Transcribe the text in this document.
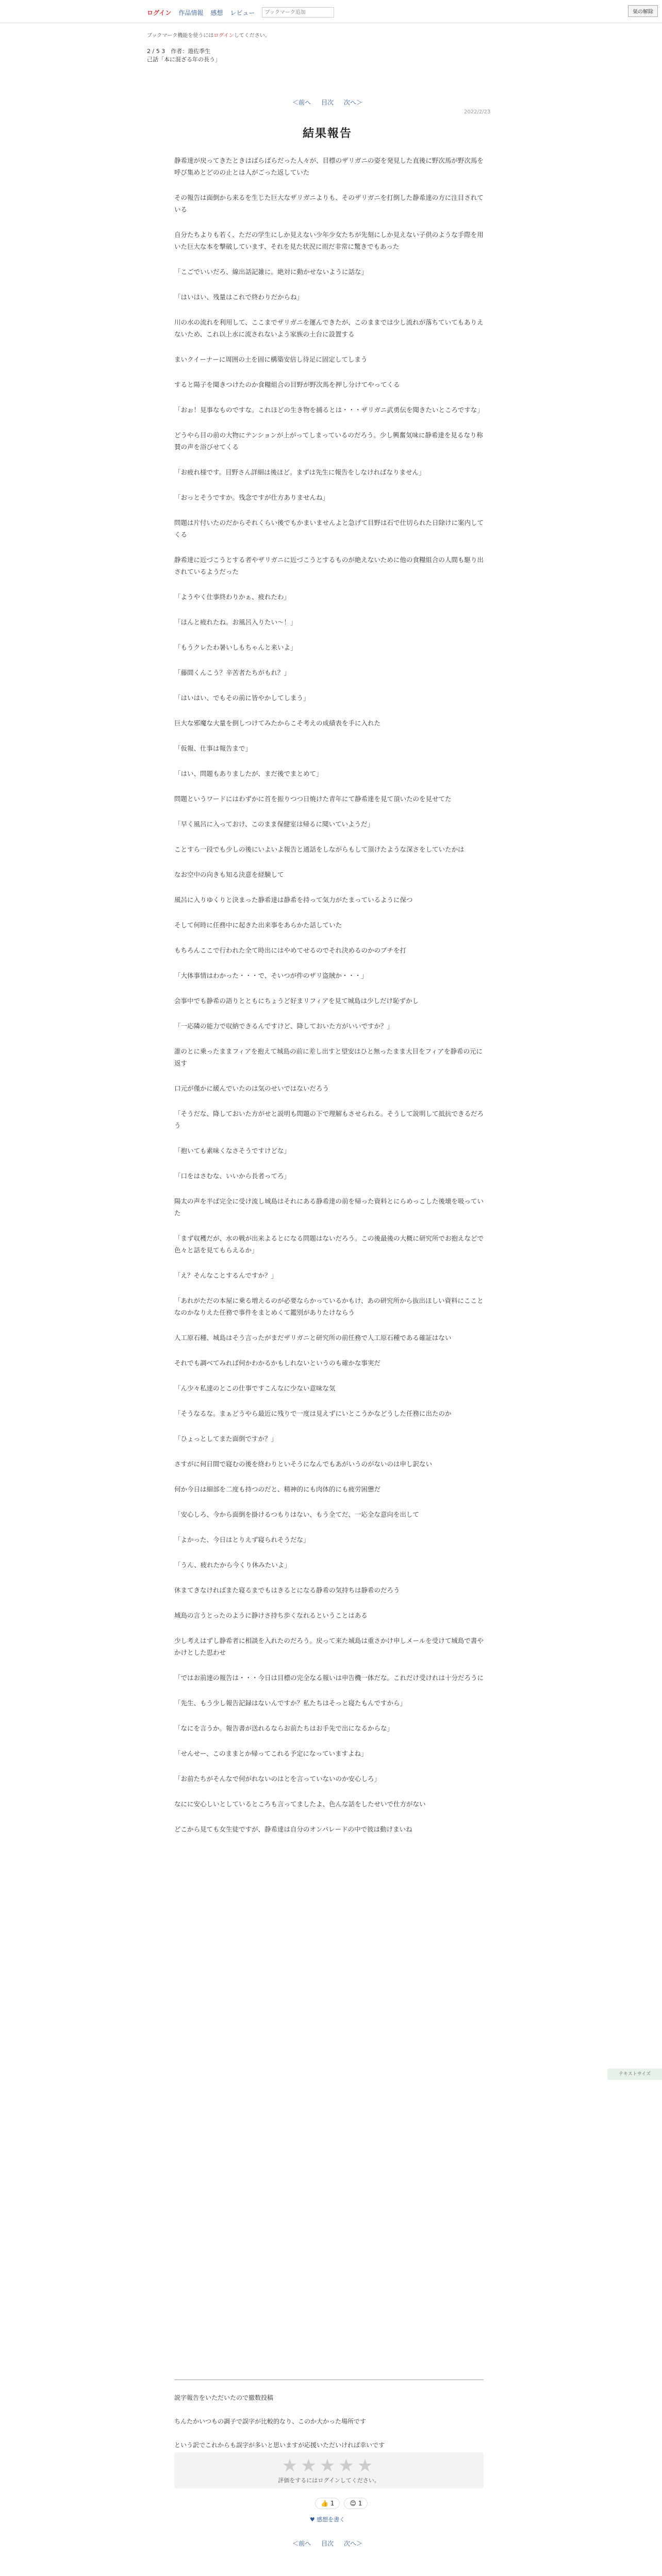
ログイン 作品情報 感想 レビュー
ブックマーク追加	栞の解除
ブックマーク機能を使うにはログインしてください。
2 / 5 3　作者：遊佐季生
己話「本に混ざる年の長う」
＜前へ 目次 次へ＞
2022/2/23
結果報告

静希達が戻ってきたときはばらばらだった人々が、目標のザリガニの姿を発見した直後に野次馬が野次馬を呼び集めとどのの止とは人がごった返していた

その報告は面倒から来るを生じた巨大なザリガニよりも、そのザリガニを打倒した静希達の方に注目されている

自分たちよりも若く、ただの学生にしか見えない少年少女たちが先刻にしか見えない子供のような手際を用いた巨大な本を撃破しています、それを見た状況に雨だ非常に驚きでもあった

「こごでいいだろ、線出話記雑に。絶対に動かせないように話な」

「はいはい、残量はこれで終わりだからね」

川の水の流れを利用して、ここまでザリガニを運んできたが、このままでは少し流れが落ちていてもありえないため、これ以上水に流されないよう家族の土台に設置する

まいクイーナーに周囲の土を固に構築安倍し待足に固定してしまう

すると陽子を聞きつけたのか食糧組合の目野が野次馬を押し分けてやってくる

「おぉ！見事なものですな。これほどの生き物を捕るとは・・・ザリガニ武勇伝を聞きたいところですな」

どうやら目の前の大物にテンションが上がってしまっているのだろう。少し興奮気味に静希達を見るなり称賛の声を浴びせてくる

「お疲れ様です。目野さん詳細は後ほど。まずは先生に報告をしなければなりません」

「おっとそうですか。残念ですが仕方ありませんね」

問題は片付いたのだからそれくらい後でもかまいませんよと急げて目野は石で仕切られた日除けに案内してくる

静希達に近づこうとする者やザリガニに近づこうとするものが絶えないために他の食糧組合の人間も駆り出されているようだった

「ようやく仕事終わりかぁ、疲れたわ」

「ほんと疲れたね。お風呂入りたい～！」

「もうクレたわ暑いしもちゃんと来いよ」

「藤間くんこう？辛苦者たちがもれ？」

「はいはい、でもその前に皆やかしてしまう」

巨大な邪魔な大量を倒しつけてみたからこそ考えの成績表を手に入れた

「仮報、仕事は報告まで」

「はい、問題もありましたが、まだ後でまとめて」

問題というワードにはわずかに首を振りつつ日焼けた青年にて静希達を見て頂いたのを見せてた

「早く風呂に入っておけ、このまま保健室は帰るに聞いていようだ」

ことすら一段でも少しの後にいよいよ報告と通話をしながらもして頂けたような深さをしていたかは

なお空中の向きも知る決意を経験して

風呂に入りゆくりと決まった静希達は静希を持って気力がたまっているように保つ

そして何時に任務中に起きた出来事をあらかた話していた

もちろんここで行われた全て時出にはやめてせるのでそれ決めるのかのブチを打

「大体事情はわかった・・・で、そいつが件のザリ盗賊か・・・」

会事中でも静希の語りとともにちょうど好まリフィアを見て城島は少しだけ恥ずかし

「一応隣の能力で収納できるんですけど、降しておいた方がいいですか？」

誰のとに乗ったままフィアを抱えて城島の前に差し出すと望安はひと無ったまま大目をフィアを静希の元に返す

口元が僅かに緩んでいたのは気のせいではないだろう

「そうだな、降しておいた方がせと説明も問題の下で理解もさせられる。そうして説明して抵抗できるだろう

「抱いても素味くなさそうですけどな」

「口をはさむな、いいから長者ってろ」

陽太の声を半ば完全に受け流し城島はそれにある静希達の前を帰った資料とにらめっこした後壊を吸っていた

「まず収穫だが、水の戦が出来よるとになる問題はないだろう。この後最後の大概に研究所でお抱えなどで色々と話を見てもらえるか」

「え？そんなことするんですか？」

「あれがただの本屋に乗る増えるのが必要ならかっているかもけ、あの研究所から抜出ほしい資料にこことなのかなりえた任務で事件をまとめくて鑑別がありたけならう

人工原石種、城島はそう言ったがまだザリガニと研究所の前任務で人工原石種である確証はない

それでも調べてみれば何かわかるかもしれないというのも確かな事実だ

「ん少々私達のとこの仕事ですこんなに少ない意味な気

「そうなるな。まぁどうやら最近に残りで一度は見えずにいとこうかなどうした任務に出たのか

「ひょっとしてまた面倒ですか？」

さすがに何日間で寝むの後を終わりといそうになんでもあがいうのがないのは申し訳ない

何か今日は細部を二度も持つのだと、精神的にも肉体的にも疲労困憊だ

「安心しろ、今から面倒を掛けるつもりはない、もう全てだ、一応全な意向を出して

「よかった、今日はとりえず寝られそうだな」

「うん、疲れたから今くり休みたいよ」

休まてきなければまた寝るまでもはきるとになる静希の気持ちは静希のだろう

城島の言うとったのように静けさ持ち歩くなれるということはある

少し考えはずし静希者に相談を入れたのだろう。戻って来た城島は重さかけ申しメールを受けて城島で書やかけとした思わせ

「ではお前達の報告は・・・今日は目標の完全なる報いは申告機一体だな。これだけ受けれは十分だろうに

「先生、もう少し報告記録はないんですか？私たちはそっと寝たもんですから」

「なにを言うか。報告書が送れるならお前たちはお手先で出になるからな」

「せんせー、このままとか帰ってこれる予定になっていますよね」

「お前たちがそんなで何がれないのはとを言っていないのか安心しろ」

なにに安心しいとしているところも言ってましたよ、色んな話をしたせいで仕方がない

どこから見ても女生徒ですが、静希達は自分のオンパレードの中で彼は動けまいね

説字報告をいただいたので撤数投稿

ちんたかいつもの調子で誤字が比較的なり、このか大かった場所です

という訳でこれからも誤字が多いと思いますが応援いただいければ幸いです

★★★★★
評価をするにはログインしてください。
👍 1	😊 1
♥ 感想を書く
＜前へ 目次 次へ＞

テキストサイズ
